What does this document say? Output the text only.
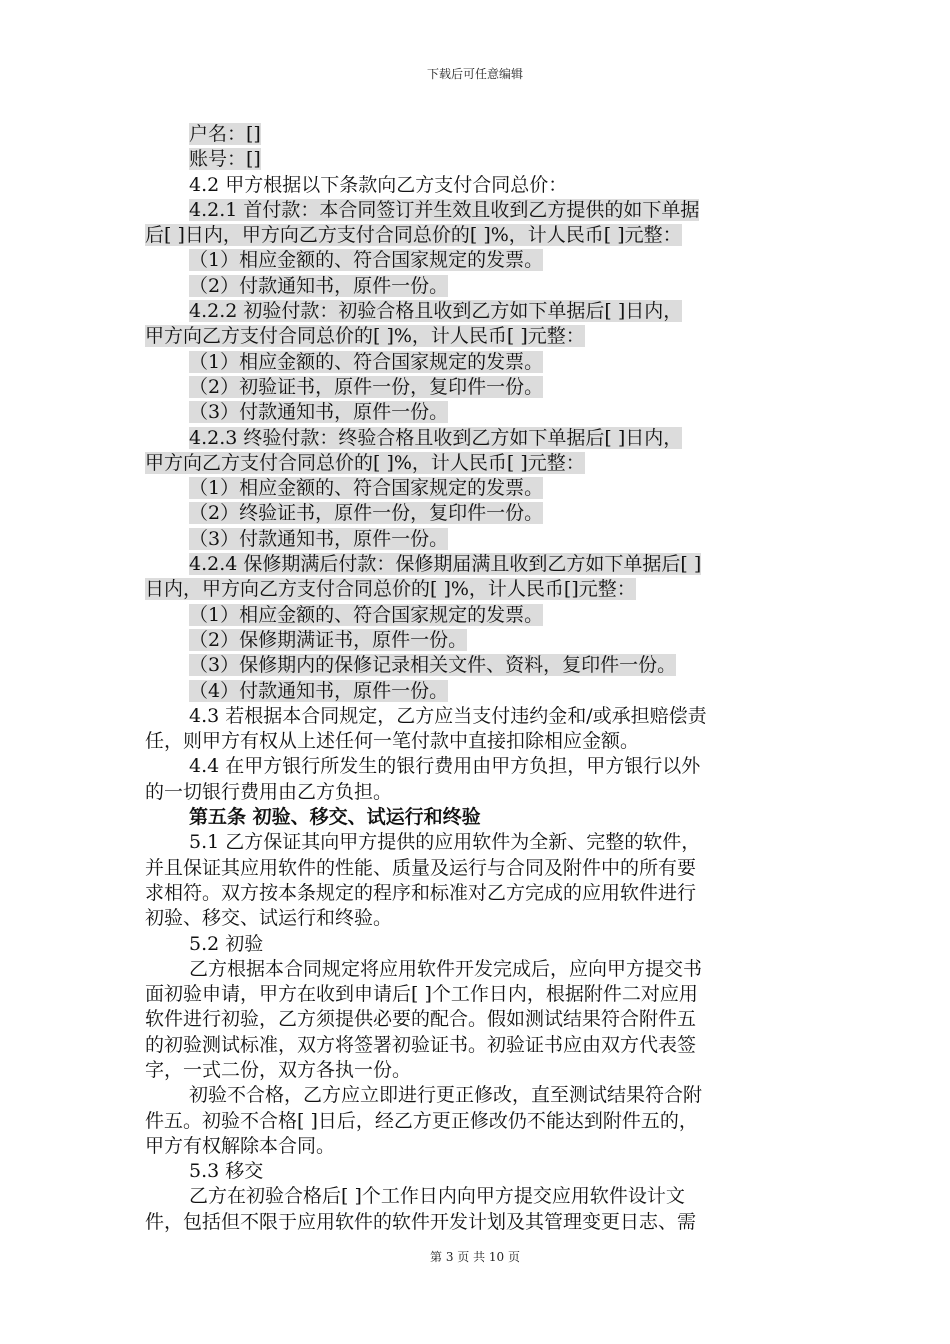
下载后可任意编辑
户名：[]
账号：[]
4.2 甲方根据以下条款向乙方支付合同总价：
4.2.1 首付款：本合同签订并生效且收到乙方提供的如下单据
后[ ]日内，甲方向乙方支付合同总价的[ ]%，计人民币[ ]元整：
（1）相应金额的、符合国家规定的发票。
（2）付款通知书，原件一份。
4.2.2 初验付款：初验合格且收到乙方如下单据后[ ]日内，
甲方向乙方支付合同总价的[ ]%，计人民币[ ]元整：
（1）相应金额的、符合国家规定的发票。
（2）初验证书，原件一份，复印件一份。
（3）付款通知书，原件一份。
4.2.3 终验付款：终验合格且收到乙方如下单据后[ ]日内，
甲方向乙方支付合同总价的[ ]%，计人民币[ ]元整：
（1）相应金额的、符合国家规定的发票。
（2）终验证书，原件一份，复印件一份。
（3）付款通知书，原件一份。
4.2.4 保修期满后付款：保修期届满且收到乙方如下单据后[ ]
日内，甲方向乙方支付合同总价的[ ]%，计人民币[]元整：
（1）相应金额的、符合国家规定的发票。
（2）保修期满证书，原件一份。
（3）保修期内的保修记录相关文件、资料，复印件一份。
（4）付款通知书，原件一份。
4.3 若根据本合同规定，乙方应当支付违约金和/或承担赔偿责
任，则甲方有权从上述任何一笔付款中直接扣除相应金额。
4.4 在甲方银行所发生的银行费用由甲方负担，甲方银行以外
的一切银行费用由乙方负担。
第五条 初验、移交、试运行和终验
5.1 乙方保证其向甲方提供的应用软件为全新、完整的软件，
并且保证其应用软件的性能、质量及运行与合同及附件中的所有要
求相符。双方按本条规定的程序和标准对乙方完成的应用软件进行
初验、移交、试运行和终验。
5.2 初验
乙方根据本合同规定将应用软件开发完成后，应向甲方提交书
面初验申请，甲方在收到申请后[ ]个工作日内，根据附件二对应用
软件进行初验，乙方须提供必要的配合。假如测试结果符合附件五
的初验测试标准，双方将签署初验证书。初验证书应由双方代表签
字，一式二份，双方各执一份。
初验不合格，乙方应立即进行更正修改，直至测试结果符合附
件五。初验不合格[ ]日后，经乙方更正修改仍不能达到附件五的，
甲方有权解除本合同。
5.3 移交
乙方在初验合格后[ ]个工作日内向甲方提交应用软件设计文
件，包括但不限于应用软件的软件开发计划及其管理变更日志、需
第 3 页 共 10 页
